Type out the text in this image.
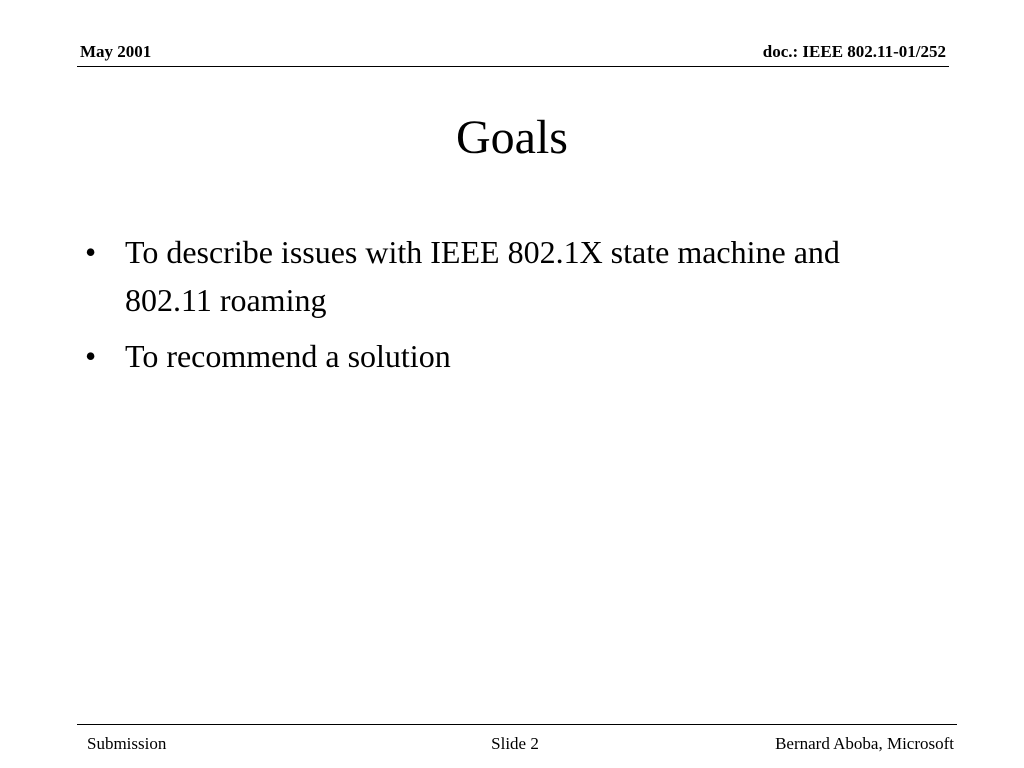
May 2001	doc.: IEEE 802.11-01/252
Goals
• To describe issues with IEEE 802.1X state machine and 802.11 roaming
• To recommend a solution
Submission	Slide 2	Bernard Aboba, Microsoft
